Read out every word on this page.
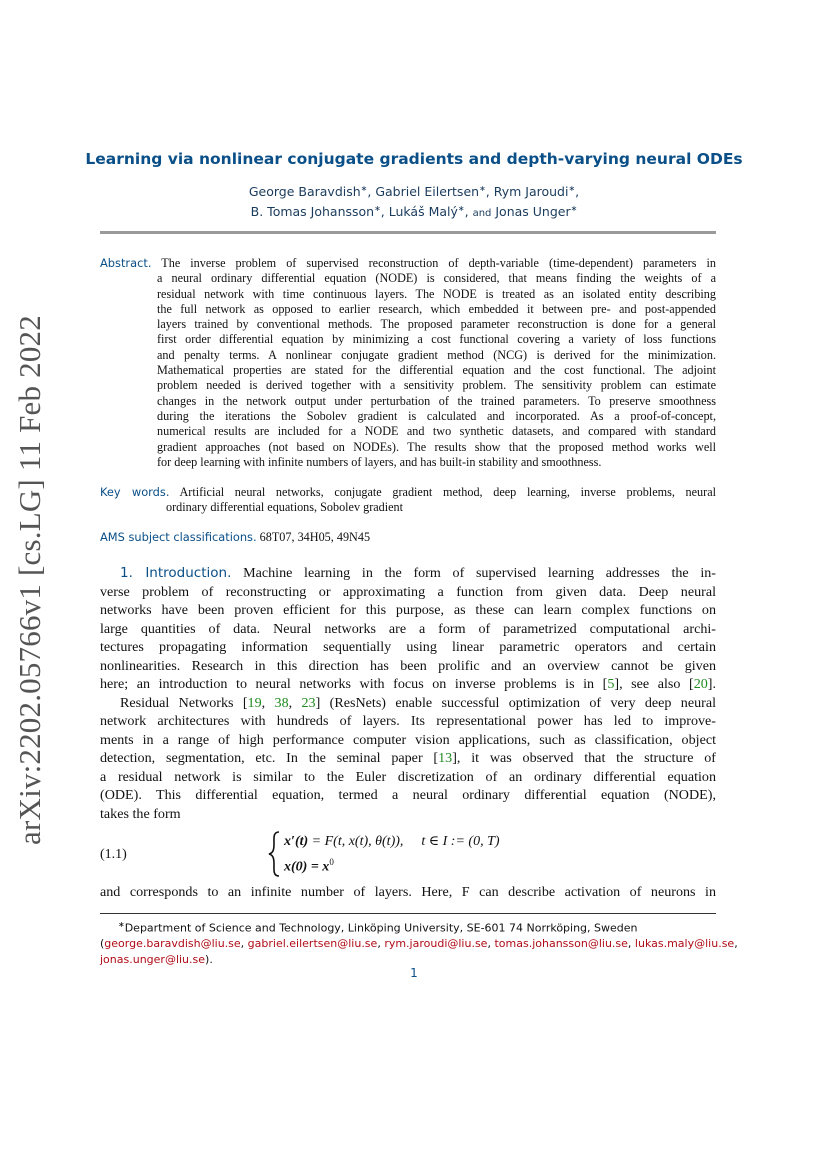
arXiv:2202.05766v1 [cs.LG] 11 Feb 2022
Learning via nonlinear conjugate gradients and depth-varying neural ODEs
George Baravdish∗, Gabriel Eilertsen∗, Rym Jaroudi∗,
B. Tomas Johansson∗, Lukáš Malý∗, and Jonas Unger∗
Abstract. The inverse problem of supervised reconstruction of depth-variable (time-dependent) parameters in
a neural ordinary differential equation (NODE) is considered, that means finding the weights of a
residual network with time continuous layers. The NODE is treated as an isolated entity describing
the full network as opposed to earlier research, which embedded it between pre- and post-appended
layers trained by conventional methods. The proposed parameter reconstruction is done for a general
first order differential equation by minimizing a cost functional covering a variety of loss functions
and penalty terms. A nonlinear conjugate gradient method (NCG) is derived for the minimization.
Mathematical properties are stated for the differential equation and the cost functional. The adjoint
problem needed is derived together with a sensitivity problem. The sensitivity problem can estimate
changes in the network output under perturbation of the trained parameters. To preserve smoothness
during the iterations the Sobolev gradient is calculated and incorporated. As a proof-of-concept,
numerical results are included for a NODE and two synthetic datasets, and compared with standard
gradient approaches (not based on NODEs). The results show that the proposed method works well
for deep learning with infinite numbers of layers, and has built-in stability and smoothness.
Key words. Artificial neural networks, conjugate gradient method, deep learning, inverse problems, neural
ordinary differential equations, Sobolev gradient
AMS subject classifications. 68T07, 34H05, 49N45
1. Introduction. Machine learning in the form of supervised learning addresses the in-
verse problem of reconstructing or approximating a function from given data. Deep neural
networks have been proven efficient for this purpose, as these can learn complex functions on
large quantities of data. Neural networks are a form of parametrized computational archi-
tectures propagating information sequentially using linear parametric operators and certain
nonlinearities. Research in this direction has been prolific and an overview cannot be given
here; an introduction to neural networks with focus on inverse problems is in [5], see also [20].
Residual Networks [19, 38, 23] (ResNets) enable successful optimization of very deep neural
network architectures with hundreds of layers. Its representational power has led to improve-
ments in a range of high performance computer vision applications, such as classification, object
detection, segmentation, etc. In the seminal paper [13], it was observed that the structure of
a residual network is similar to the Euler discretization of an ordinary differential equation
(ODE). This differential equation, termed a neural ordinary differential equation (NODE),
takes the form
(1.1)
x′(t) = F(t, x(t), θ(t)), t ∈ I := (0, T)
$x(0) = x^0$
and corresponds to an infinite number of layers. Here, F can describe activation of neurons in
∗Department of Science and Technology, Linköping University, SE-601 74 Norrköping, Sweden
(george.baravdish@liu.se, gabriel.eilertsen@liu.se, rym.jaroudi@liu.se, tomas.johansson@liu.se, lukas.maly@liu.se,
jonas.unger@liu.se).
1
